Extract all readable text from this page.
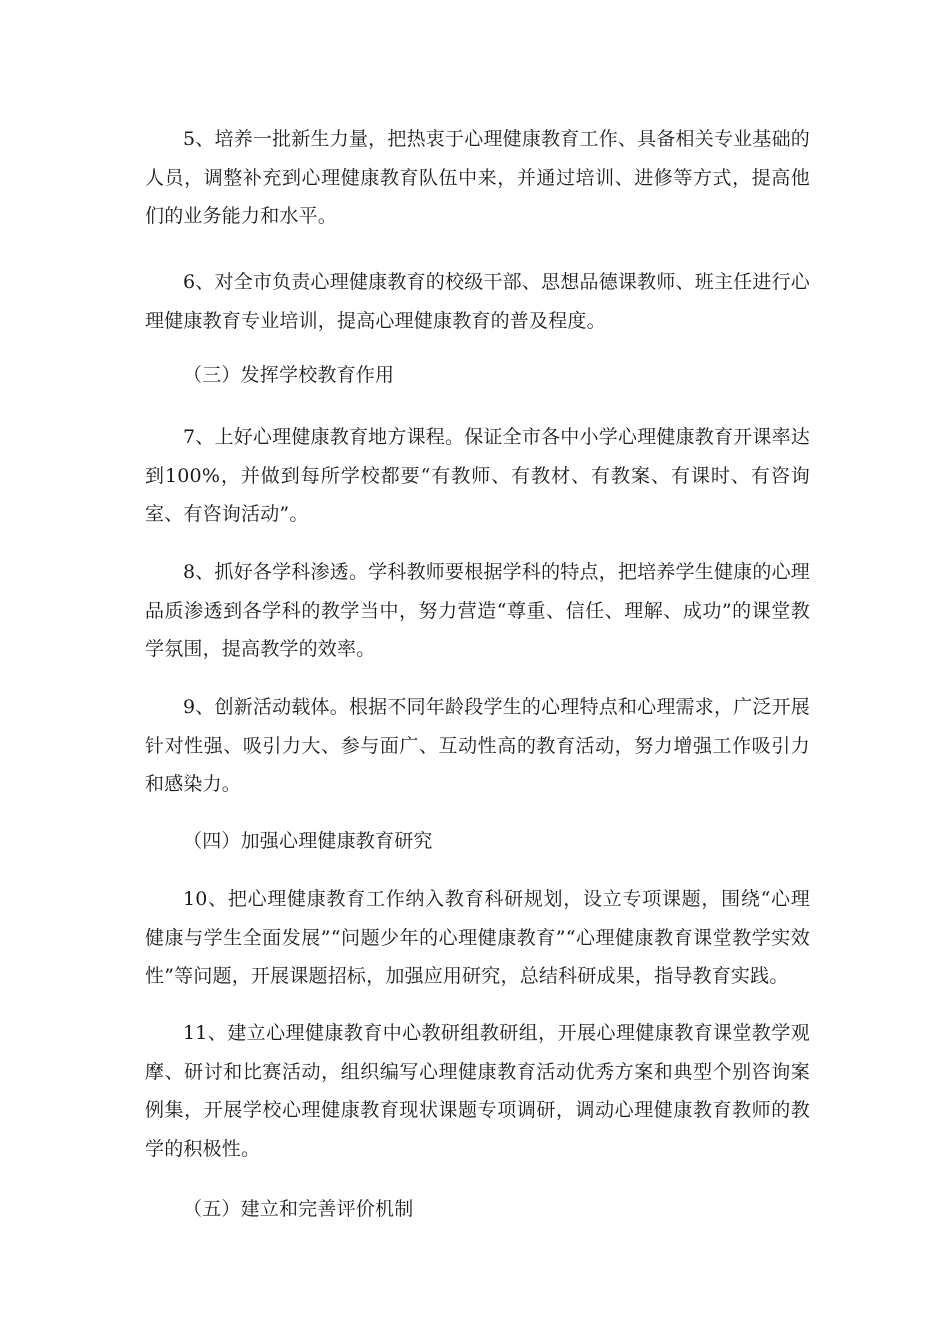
5、培养一批新生力量，把热衷于心理健康教育工作、具备相关专业基础的人员，调整补充到心理健康教育队伍中来，并通过培训、进修等方式，提高他们的业务能力和水平。

6、对全市负责心理健康教育的校级干部、思想品德课教师、班主任进行心理健康教育专业培训，提高心理健康教育的普及程度。

（三）发挥学校教育作用

7、上好心理健康教育地方课程。保证全市各中小学心理健康教育开课率达到100%，并做到每所学校都要“有教师、有教材、有教案、有课时、有咨询室、有咨询活动”。

8、抓好各学科渗透。学科教师要根据学科的特点，把培养学生健康的心理品质渗透到各学科的教学当中，努力营造“尊重、信任、理解、成功”的课堂教学氛围，提高教学的效率。

9、创新活动载体。根据不同年龄段学生的心理特点和心理需求，广泛开展针对性强、吸引力大、参与面广、互动性高的教育活动，努力增强工作吸引力和感染力。

（四）加强心理健康教育研究

10、把心理健康教育工作纳入教育科研规划，设立专项课题，围绕“心理健康与学生全面发展”“问题少年的心理健康教育”“心理健康教育课堂教学实效性”等问题，开展课题招标，加强应用研究，总结科研成果，指导教育实践。

11、建立心理健康教育中心教研组教研组，开展心理健康教育课堂教学观摩、研讨和比赛活动，组织编写心理健康教育活动优秀方案和典型个别咨询案例集，开展学校心理健康教育现状课题专项调研，调动心理健康教育教师的教学的积极性。

（五）建立和完善评价机制
